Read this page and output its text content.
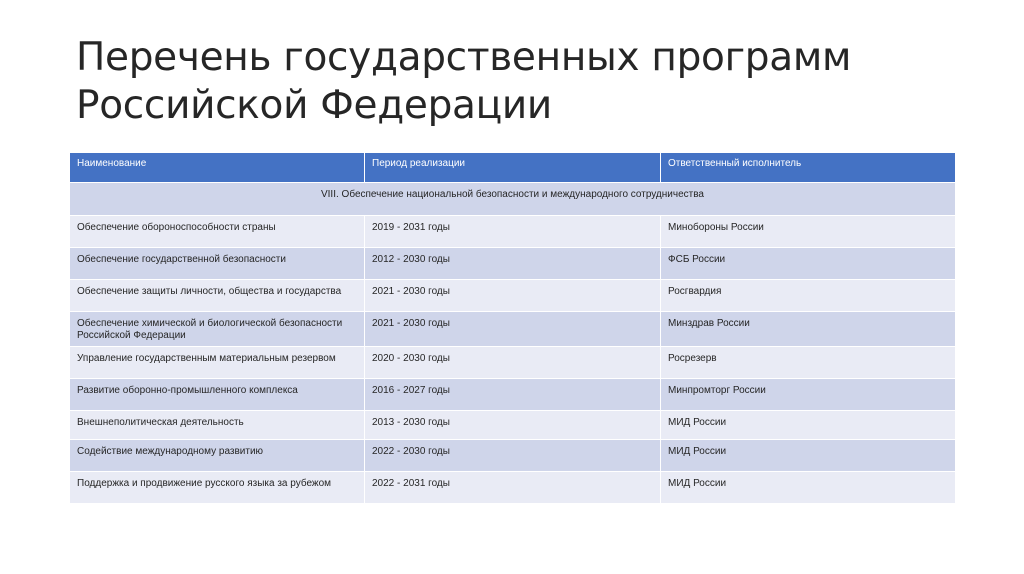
Перечень государственных программ
Российской Федерации
Наименование	Период реализации	Ответственный исполнитель
VIII. Обеспечение национальной безопасности и международного сотрудничества		
Обеспечение обороноспособности страны	2019 - 2031 годы	Минобороны России
Обеспечение государственной безопасности	2012 - 2030 годы	ФСБ России
Обеспечение защиты личности, общества и государства	2021 - 2030 годы	Росгвардия
Обеспечение химической и биологической безопасности Российской Федерации	2021 - 2030 годы	Минздрав России
Управление государственным материальным резервом	2020 - 2030 годы	Росрезерв
Развитие оборонно-промышленного комплекса	2016 - 2027 годы	Минпромторг России
Внешнеполитическая деятельность	2013 - 2030 годы	МИД России
Содействие международному развитию	2022 - 2030 годы	МИД России
Поддержка и продвижение русского языка за рубежом	2022 - 2031 годы	МИД России
